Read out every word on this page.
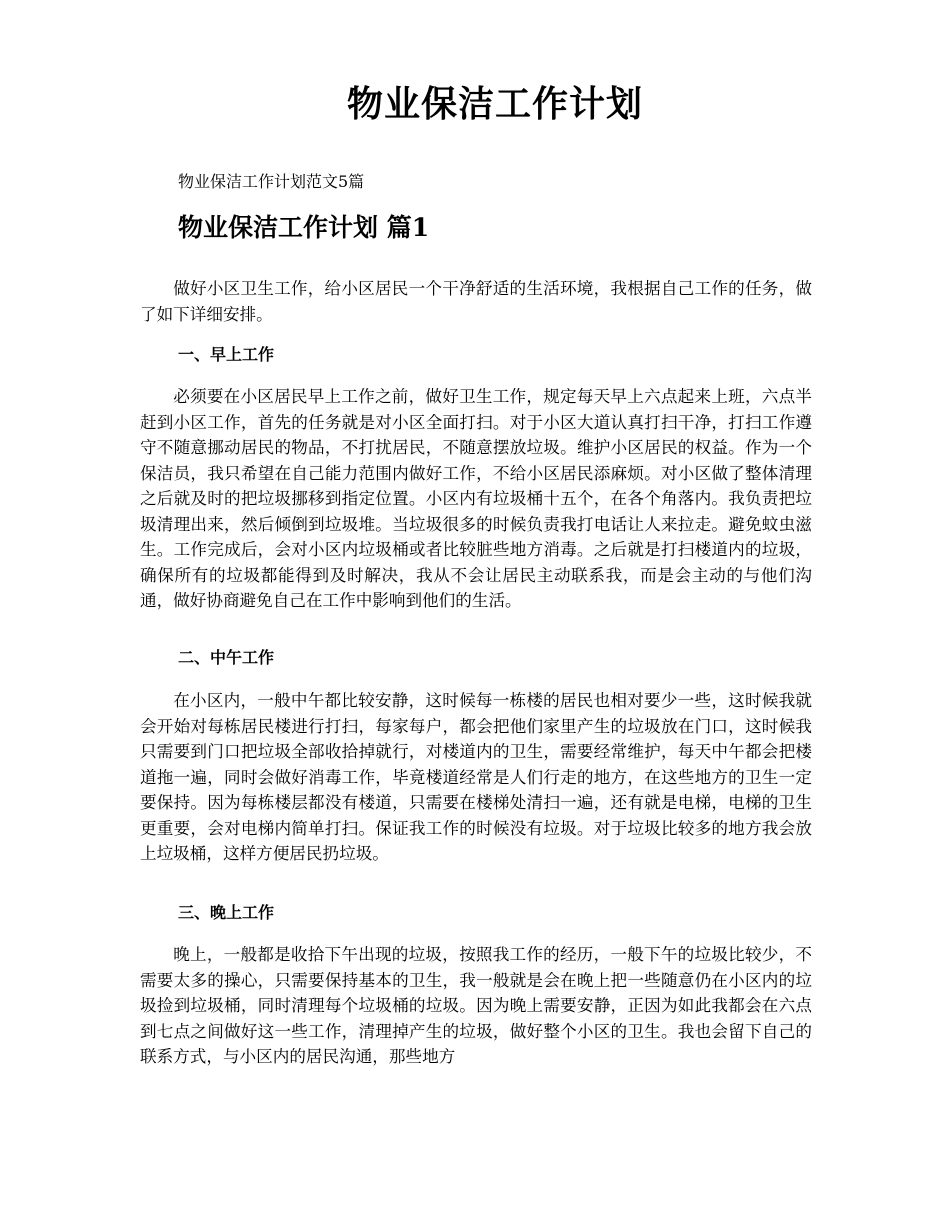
物业保洁工作计划

物业保洁工作计划范文5篇

物业保洁工作计划 篇1

做好小区卫生工作，给小区居民一个干净舒适的生活环境，我根据自己工作的任务，做了如下详细安排。

一、早上工作

必须要在小区居民早上工作之前，做好卫生工作，规定每天早上六点起来上班，六点半赶到小区工作，首先的任务就是对小区全面打扫。对于小区大道认真打扫干净，打扫工作遵守不随意挪动居民的物品，不打扰居民，不随意摆放垃圾。维护小区居民的权益。作为一个保洁员，我只希望在自己能力范围内做好工作，不给小区居民添麻烦。对小区做了整体清理之后就及时的把垃圾挪移到指定位置。小区内有垃圾桶十五个，在各个角落内。我负责把垃圾清理出来，然后倾倒到垃圾堆。当垃圾很多的时候负责我打电话让人来拉走。避免蚊虫滋生。工作完成后，会对小区内垃圾桶或者比较脏些地方消毒。之后就是打扫楼道内的垃圾，确保所有的垃圾都能得到及时解决，我从不会让居民主动联系我，而是会主动的与他们沟通，做好协商避免自己在工作中影响到他们的生活。

二、中午工作

在小区内，一般中午都比较安静，这时候每一栋楼的居民也相对要少一些，这时候我就会开始对每栋居民楼进行打扫，每家每户，都会把他们家里产生的垃圾放在门口，这时候我只需要到门口把垃圾全部收拾掉就行，对楼道内的卫生，需要经常维护，每天中午都会把楼道拖一遍，同时会做好消毒工作，毕竟楼道经常是人们行走的地方，在这些地方的卫生一定要保持。因为每栋楼层都没有楼道，只需要在楼梯处清扫一遍，还有就是电梯，电梯的卫生更重要，会对电梯内简单打扫。保证我工作的时候没有垃圾。对于垃圾比较多的地方我会放上垃圾桶，这样方便居民扔垃圾。

三、晚上工作

晚上，一般都是收拾下午出现的垃圾，按照我工作的经历，一般下午的垃圾比较少，不需要太多的操心，只需要保持基本的卫生，我一般就是会在晚上把一些随意仍在小区内的垃圾捡到垃圾桶，同时清理每个垃圾桶的垃圾。因为晚上需要安静，正因为如此我都会在六点到七点之间做好这一些工作，清理掉产生的垃圾，做好整个小区的卫生。我也会留下自己的联系方式，与小区内的居民沟通，那些地方
